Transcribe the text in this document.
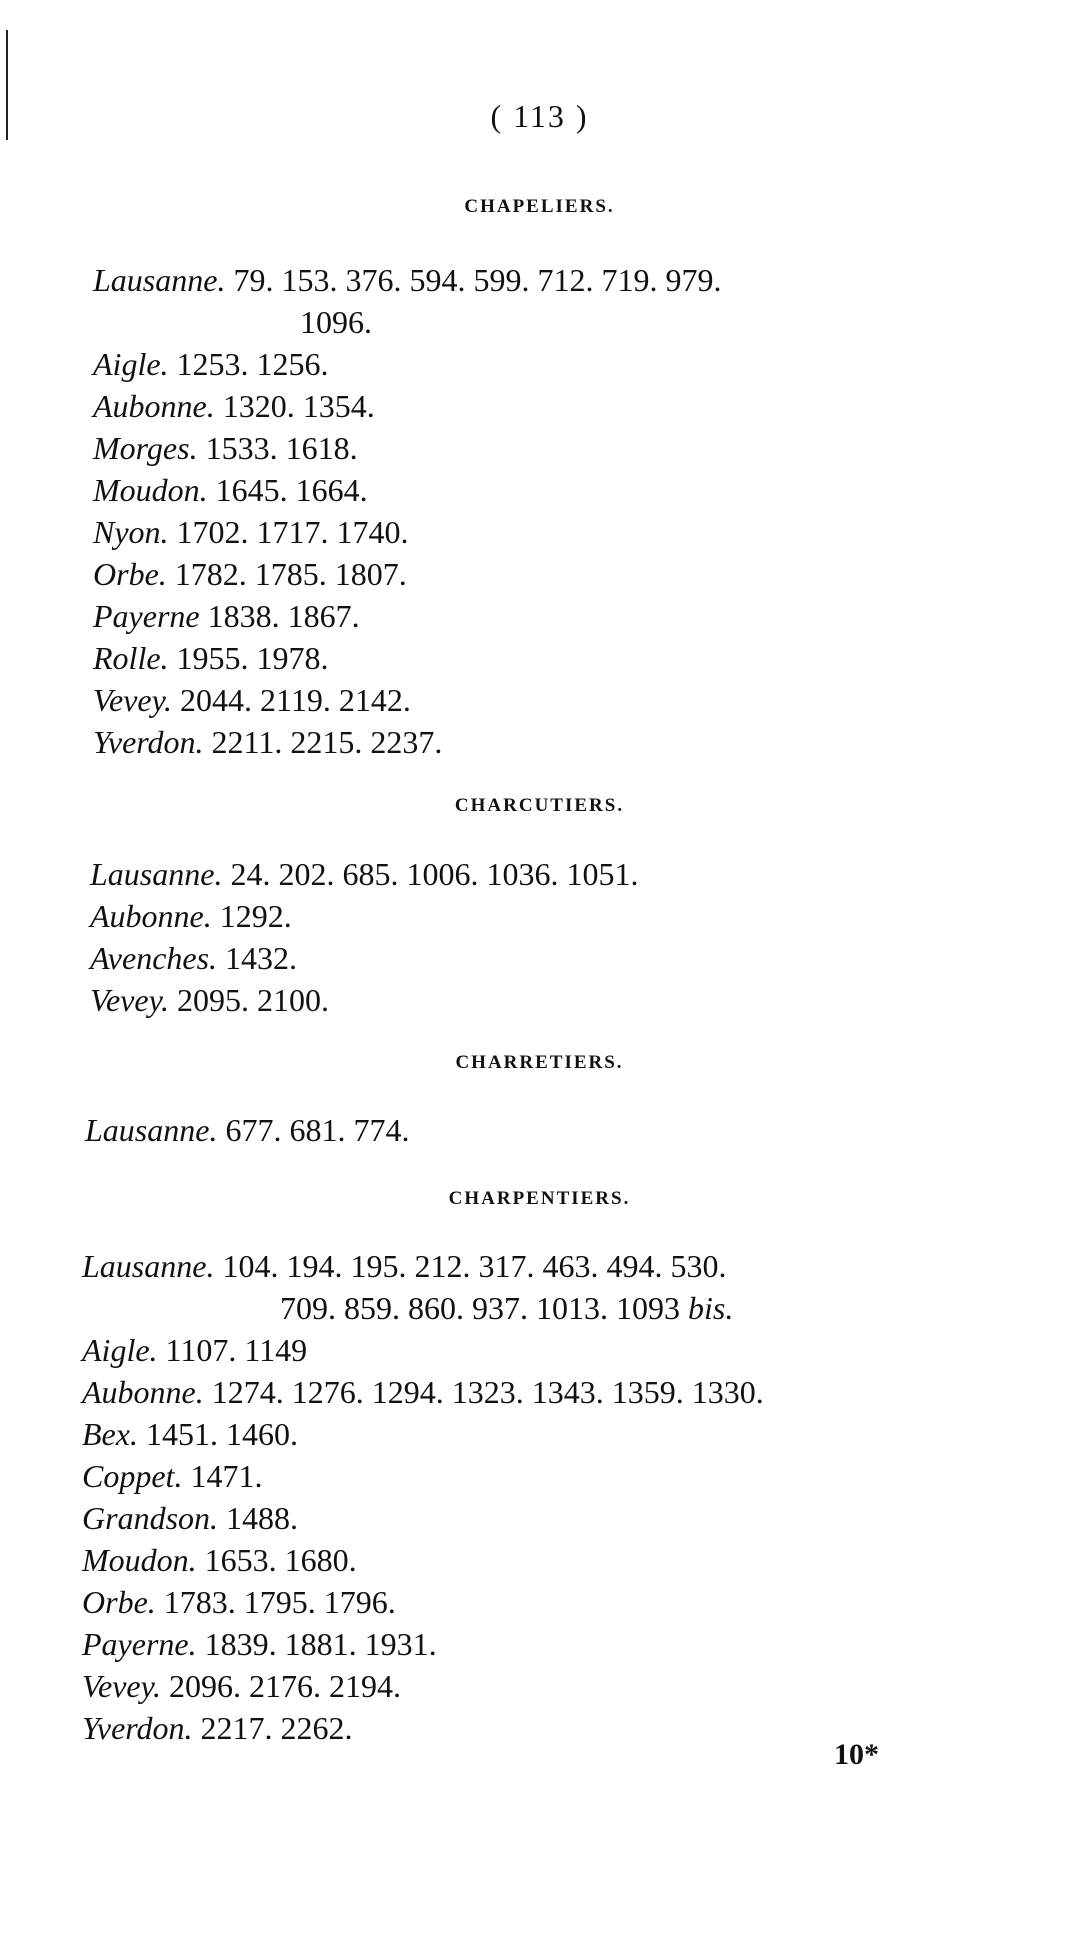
( 113 )
CHAPELIERS.
Lausanne. 79. 153. 376. 594. 599. 712. 719. 979.
1096.
Aigle. 1253. 1256.
Aubonne. 1320. 1354.
Morges. 1533. 1618.
Moudon. 1645. 1664.
Nyon. 1702. 1717. 1740.
Orbe. 1782. 1785. 1807.
Payerne 1838. 1867.
Rolle. 1955. 1978.
Vevey. 2044. 2119. 2142.
Yverdon. 2211. 2215. 2237.
CHARCUTIERS.
Lausanne. 24. 202. 685. 1006. 1036. 1051.
Aubonne. 1292.
Avenches. 1432.
Vevey. 2095. 2100.
CHARRETIERS.
Lausanne. 677. 681. 774.
CHARPENTIERS.
Lausanne. 104. 194. 195. 212. 317. 463. 494. 530.
709. 859. 860. 937. 1013. 1093 bis.
Aigle. 1107. 1149
Aubonne. 1274. 1276. 1294. 1323. 1343. 1359. 1330.
Bex. 1451. 1460.
Coppet. 1471.
Grandson. 1488.
Moudon. 1653. 1680.
Orbe. 1783. 1795. 1796.
Payerne. 1839. 1881. 1931.
Vevey. 2096. 2176. 2194.
Yverdon. 2217. 2262.
10*
